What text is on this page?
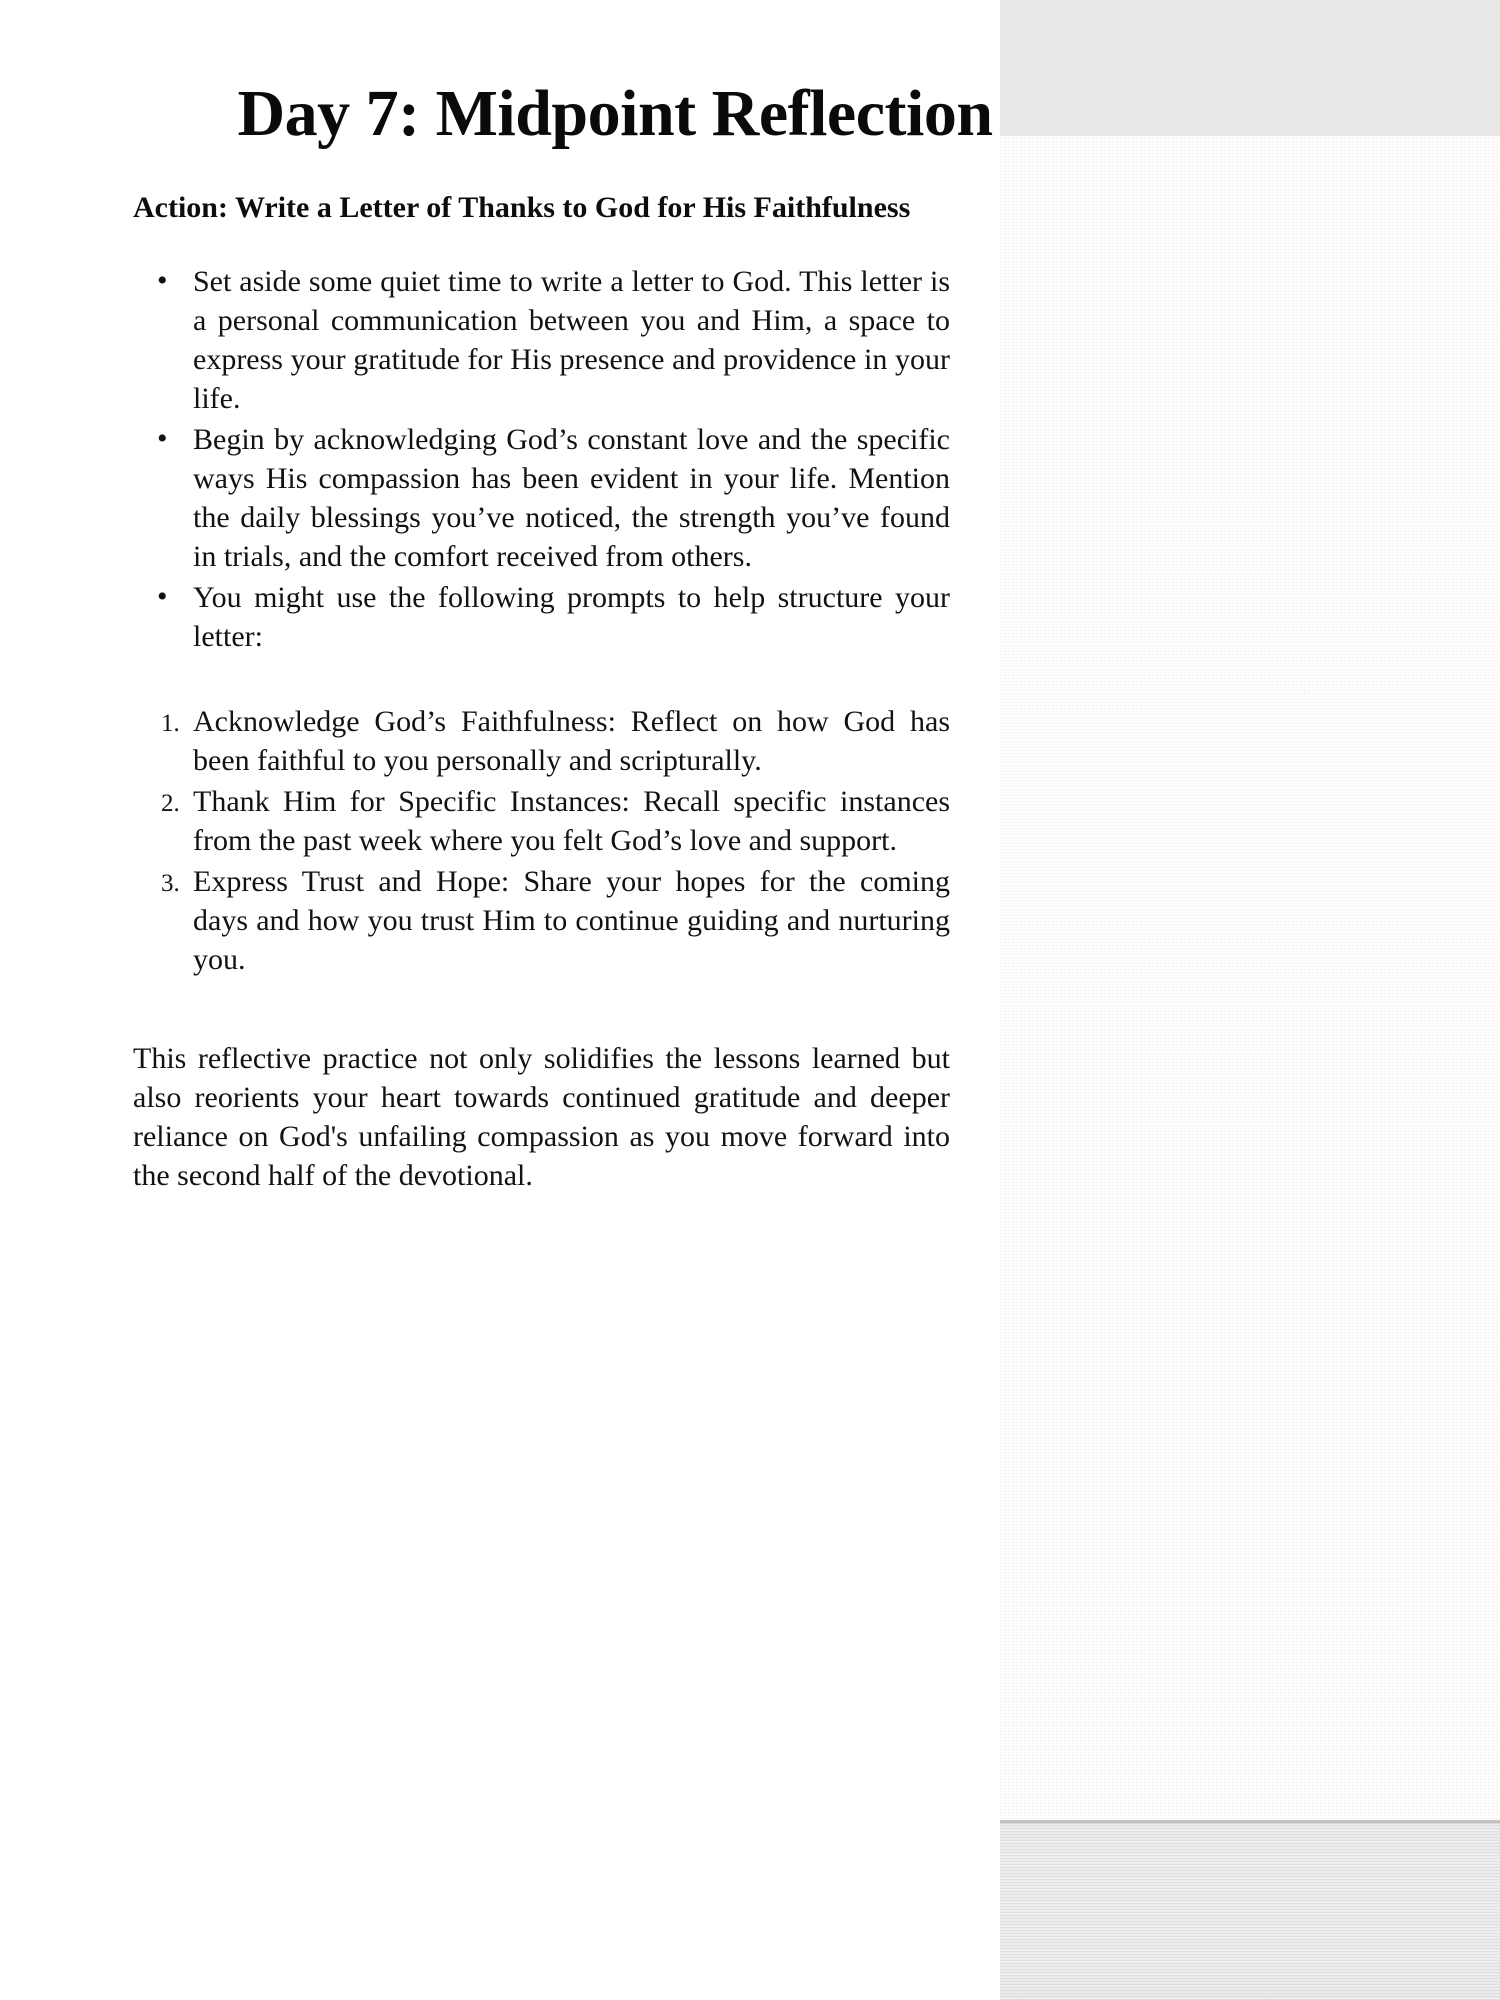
Day 7: Midpoint Reflection

Action: Write a Letter of Thanks to God for His Faithfulness

• Set aside some quiet time to write a letter to God. This letter is a personal communication between you and Him, a space to express your gratitude for His presence and providence in your life.
• Begin by acknowledging God’s constant love and the specific ways His compassion has been evident in your life. Mention the daily blessings you’ve noticed, the strength you’ve found in trials, and the comfort received from others.
• You might use the following prompts to help structure your letter:
Acknowledge God’s Faithfulness: Reflect on how God has been faithful to you personally and scripturally.
Thank Him for Specific Instances: Recall specific instances from the past week where you felt God’s love and support.
Express Trust and Hope: Share your hopes for the coming days and how you trust Him to continue guiding and nurturing you.

This reflective practice not only solidifies the lessons learned but also reorients your heart towards continued gratitude and deeper reliance on God's unfailing compassion as you move forward into the second half of the devotional.
